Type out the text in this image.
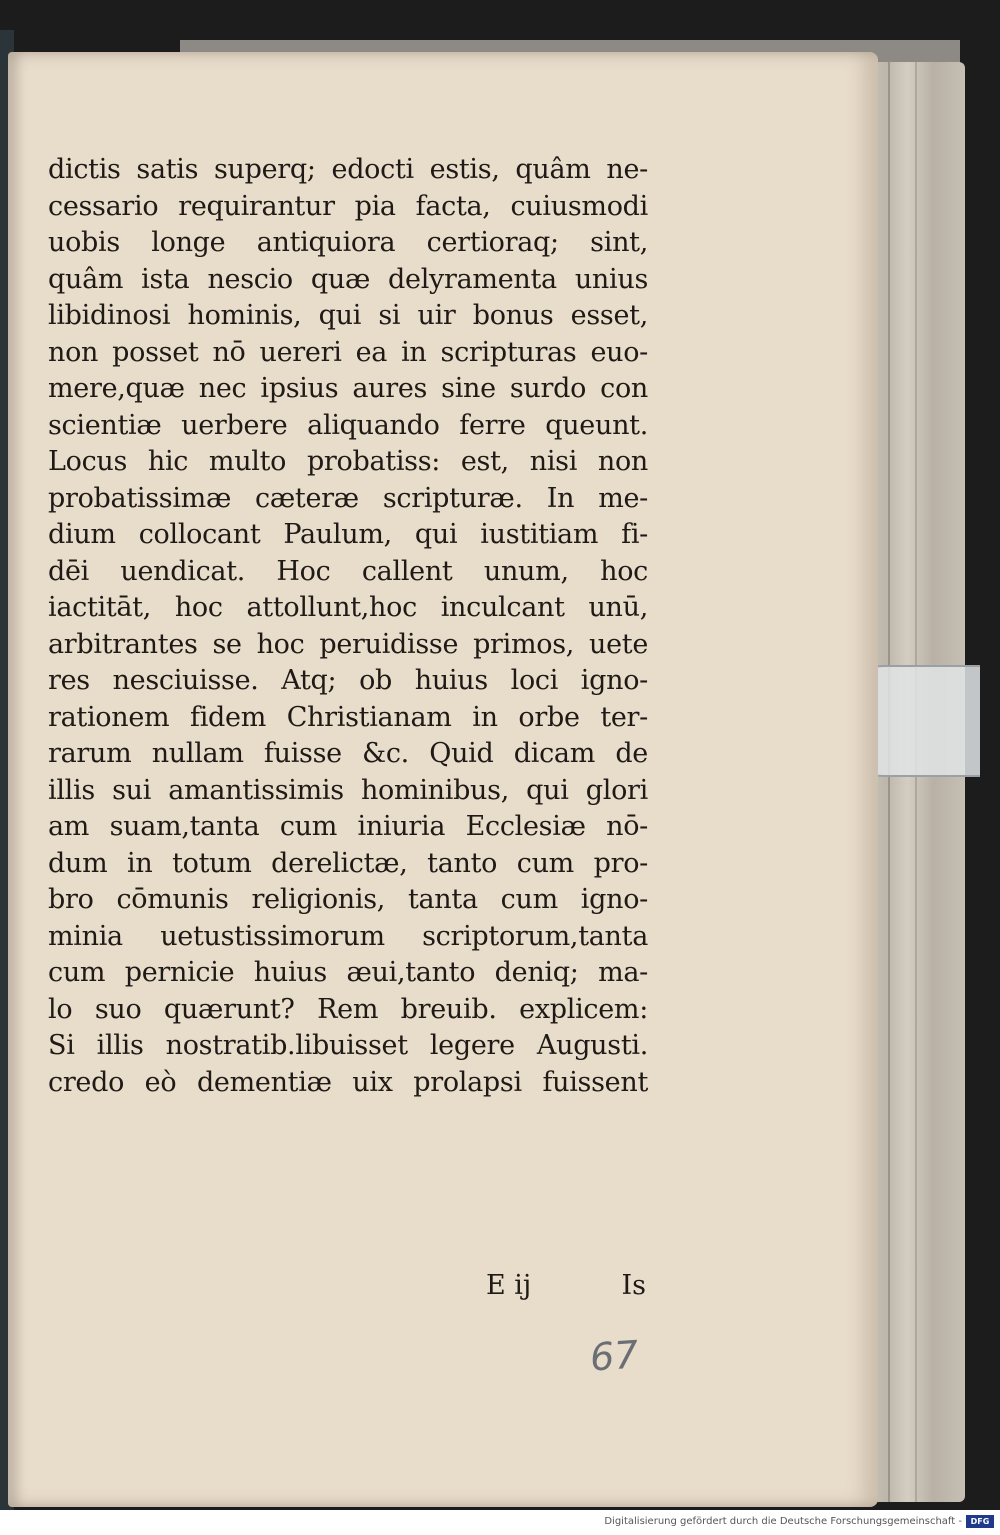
dictis satis superq; edocti estis, quâm ne-
cessario requirantur pia facta, cuiusmodi
uobis longe antiquiora certioraq; sint,
quâm ista nescio quæ delyramenta unius
libidinosi hominis, qui si uir bonus esset,
non posset nō uereri ea in scripturas euo-
mere,quæ nec ipsius aures sine surdo con
scientiæ uerbere aliquando ferre queunt.
Locus hic multo probatiss: est, nisi non
probatissimæ cæteræ scripturæ. In me-
dium collocant Paulum, qui iustitiam fi-
dēi uendicat. Hoc callent unum, hoc
iactitāt, hoc attollunt,hoc inculcant unū,
arbitrantes se hoc peruidisse primos, uete
res nesciuisse. Atq; ob huius loci igno-
rationem fidem Christianam in orbe ter-
rarum nullam fuisse &c. Quid dicam de
illis sui amantissimis hominibus, qui glori
am suam,tanta cum iniuria Ecclesiæ nō-
dum in totum derelictæ, tanto cum pro-
bro cōmunis religionis, tanta cum igno-
minia uetustissimorum scriptorum,tanta
cum pernicie huius æui,tanto deniq; ma-
lo suo quærunt? Rem breuib. explicem:
Si illis nostratib.libuisset legere Augusti.
credo eò dementiæ uix prolapsi fuissent
E ij	Is
67
Digitalisierung gefördert durch die Deutsche Forschungsgemeinschaft -	DFG
